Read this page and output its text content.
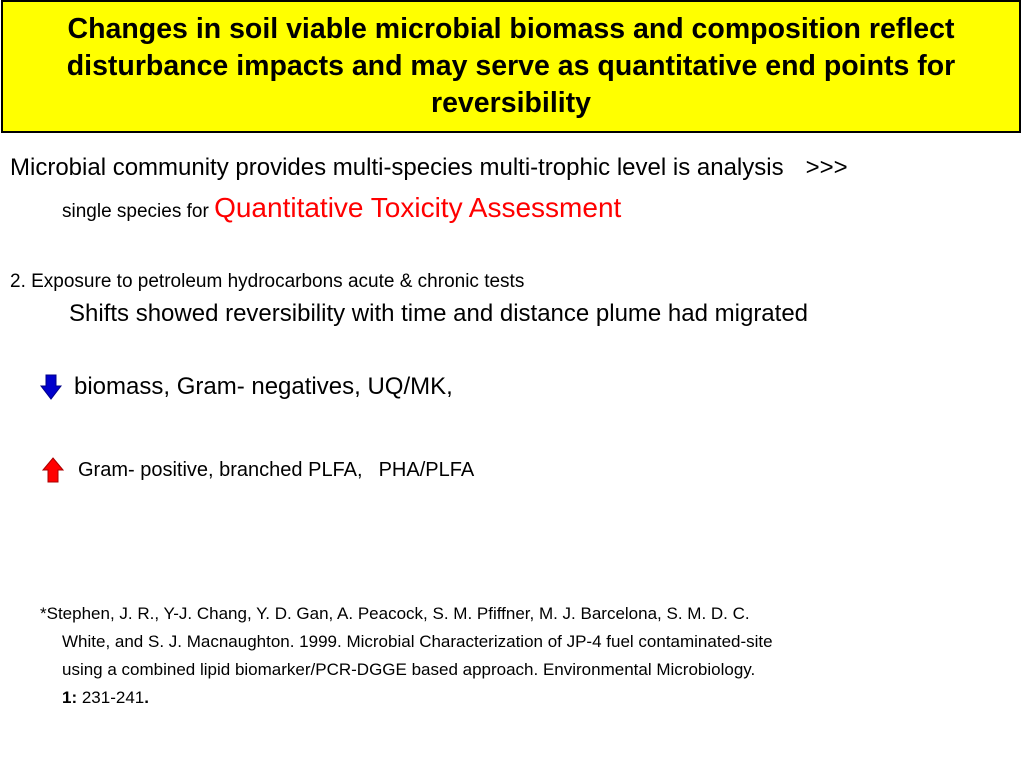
Changes in soil viable microbial biomass and composition reflect disturbance impacts and may serve as quantitative end points for reversibility
Microbial community provides multi-species multi-trophic level is analysis >>>
single species for Quantitative Toxicity Assessment
2. Exposure to petroleum hydrocarbons acute & chronic tests
Shifts showed reversibility with time and distance plume had migrated
biomass, Gram- negatives, UQ/MK,
Gram- positive, branched PLFA, PHA/PLFA
*Stephen, J. R., Y-J. Chang, Y. D. Gan, A. Peacock, S. M. Pfiffner, M. J. Barcelona, S. M. D. C.
White, and S. J. Macnaughton. 1999. Microbial Characterization of JP-4 fuel contaminated-site
using a combined lipid biomarker/PCR-DGGE based approach. Environmental Microbiology.
1: 231-241.
